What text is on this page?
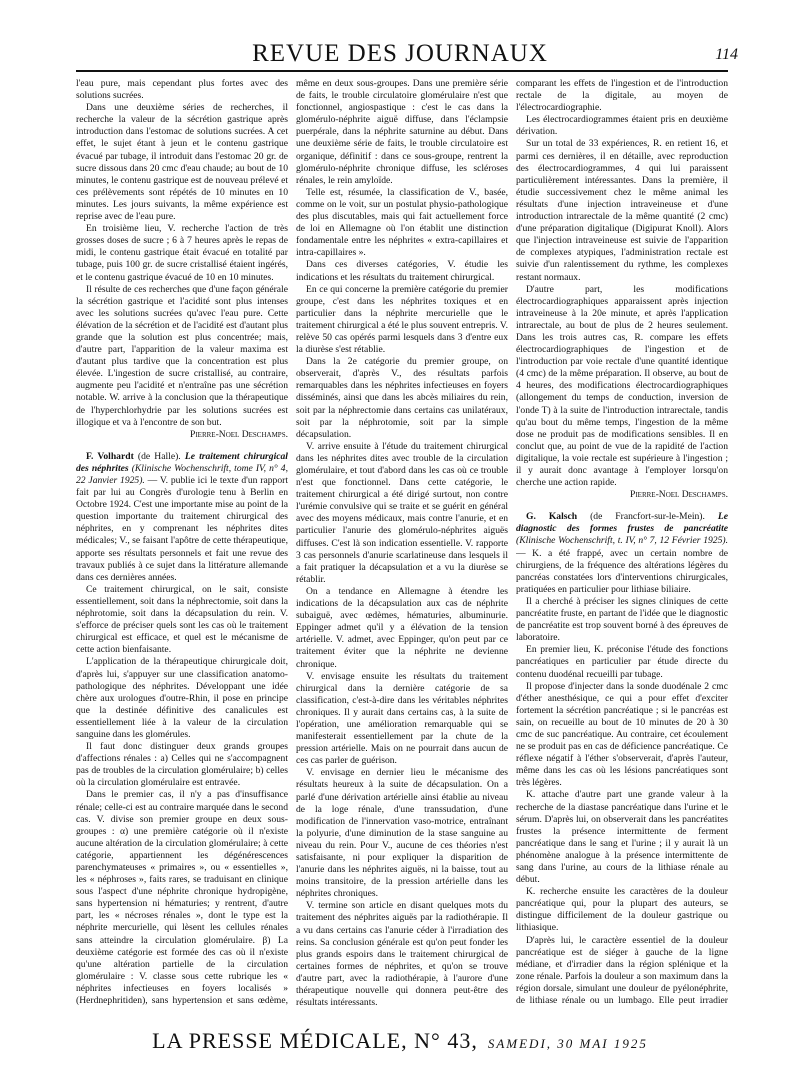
REVUE DES JOURNAUX	114

l'eau pure, mais cependant plus fortes avec des solutions sucrées.

Dans une deuxième séries de recherches, il recherche la valeur de la sécrétion gastrique après introduction dans l'estomac de solutions sucrées. A cet effet, le sujet étant à jeun et le contenu gastrique évacué par tubage, il introduit dans l'estomac 20 gr. de sucre dissous dans 20 cmc d'eau chaude; au bout de 10 minutes, le contenu gastrique est de nouveau prélevé et ces prélèvements sont répétés de 10 minutes en 10 minutes. Les jours suivants, la même expérience est reprise avec de l'eau pure.

En troisième lieu, V. recherche l'action de très grosses doses de sucre ; 6 à 7 heures après le repas de midi, le contenu gastrique était évacué en totalité par tubage, puis 100 gr. de sucre cristallisé étaient ingérés, et le contenu gastrique évacué de 10 en 10 minutes.

Il résulte de ces recherches que d'une façon générale la sécrétion gastrique et l'acidité sont plus intenses avec les solutions sucrées qu'avec l'eau pure. Cette élévation de la sécrétion et de l'acidité est d'autant plus grande que la solution est plus concentrée; mais, d'autre part, l'apparition de la valeur maxima est d'autant plus tardive que la concentration est plus élevée. L'ingestion de sucre cristallisé, au contraire, augmente peu l'acidité et n'entraîne pas une sécrétion notable. W. arrive à la conclusion que la thérapeutique de l'hyperchlorhydrie par les solutions sucrées est illogique et va à l'encontre de son but.

Pierre-Noel Deschamps.

F. Volhardt (de Halle). Le traitement chirurgical des néphrites (Klinische Wochenschrift, tome IV, n° 4, 22 Janvier 1925). — V. publie ici le texte d'un rapport fait par lui au Congrès d'urologie tenu à Berlin en Octobre 1924. C'est une importante mise au point de la question importante du traitement chirurgical des néphrites, en y comprenant les néphrites dites médicales; V., se faisant l'apôtre de cette thérapeutique, apporte ses résultats personnels et fait une revue des travaux publiés à ce sujet dans la littérature allemande dans ces dernières années.

Ce traitement chirurgical, on le sait, consiste essentiellement, soit dans la néphrectomie, soit dans la néphrotomie, soit dans la décapsulation du rein. V. s'efforce de préciser quels sont les cas où le traitement chirurgical est efficace, et quel est le mécanisme de cette action bienfaisante.

L'application de la thérapeutique chirurgicale doit, d'après lui, s'appuyer sur une classification anatomo-pathologique des néphrites. Développant une idée chère aux urologues d'outre-Rhin, il pose en principe que la destinée définitive des canalicules est essentiellement liée à la valeur de la circulation sanguine dans les glomérules.

Il faut donc distinguer deux grands groupes d'affections rénales : a) Celles qui ne s'accompagnent pas de troubles de la circulation glomérulaire; b) celles où la circulation glomérulaire est entravée.

Dans le premier cas, il n'y a pas d'insuffisance rénale; celle-ci est au contraire marquée dans le second cas. V. divise son premier groupe en deux sous-groupes : α) une première catégorie où il n'existe aucune altération de la circulation glomérulaire; à cette catégorie, appartiennent les dégénérescences parenchymateuses « primaires », ou « essentielles », les « néphroses », faits rares, se traduisant en clinique sous l'aspect d'une néphrite chronique hydropigène, sans hypertension ni hématuries; y rentrent, d'autre part, les « nécroses rénales », dont le type est la néphrite mercurielle, qui lèsent les cellules rénales sans atteindre la circulation glomérulaire. β) La deuxième catégorie est formée des cas où il n'existe qu'une altération partielle de la circulation glomérulaire : V. classe sous cette rubrique les « néphrites infectieuses en foyers localisés » (Herdnephritiden), sans hypertension et sans œdème,

même en deux sous-groupes. Dans une première série de faits, le trouble circulatoire glomérulaire n'est que fonctionnel, angiospastique : c'est le cas dans la glomérulo-néphrite aiguë diffuse, dans l'éclampsie puerpérale, dans la néphrite saturnine au début. Dans une deuxième série de faits, le trouble circulatoire est organique, définitif : dans ce sous-groupe, rentrent la glomérulo-néphrite chronique diffuse, les scléroses rénales, le rein amyloïde.

Telle est, résumée, la classification de V., basée, comme on le voit, sur un postulat physio-pathologique des plus discutables, mais qui fait actuellement force de loi en Allemagne où l'on établit une distinction fondamentale entre les néphrites « extra-capillaires et intra-capillaires ».

Dans ces diverses catégories, V. étudie les indications et les résultats du traitement chirurgical.

En ce qui concerne la première catégorie du premier groupe, c'est dans les néphrites toxiques et en particulier dans la néphrite mercurielle que le traitement chirurgical a été le plus souvent entrepris. V. relève 50 cas opérés parmi lesquels dans 3 d'entre eux la diurèse s'est rétablie.

Dans la 2e catégorie du premier groupe, on observerait, d'après V., des résultats parfois remarquables dans les néphrites infectieuses en foyers disséminés, ainsi que dans les abcès miliaires du rein, soit par la néphrectomie dans certains cas unilatéraux, soit par la néphrotomie, soit par la simple décapsulation.

V. arrive ensuite à l'étude du traitement chirurgical dans les néphrites dites avec trouble de la circulation glomérulaire, et tout d'abord dans les cas où ce trouble n'est que fonctionnel. Dans cette catégorie, le traitement chirurgical a été dirigé surtout, non contre l'urémie convulsive qui se traite et se guérit en général avec des moyens médicaux, mais contre l'anurie, et en particulier l'anurie des glomérulo-néphrites aiguës diffuses. C'est là son indication essentielle. V. rapporte 3 cas personnels d'anurie scarlatineuse dans lesquels il a fait pratiquer la décapsulation et a vu la diurèse se rétablir.

On a tendance en Allemagne à étendre les indications de la décapsulation aux cas de néphrite subaiguë, avec œdèmes, hématuries, albuminurie. Eppinger admet qu'il y a élévation de la tension artérielle. V. admet, avec Eppinger, qu'on peut par ce traitement éviter que la néphrite ne devienne chronique.

V. envisage ensuite les résultats du traitement chirurgical dans la dernière catégorie de sa classification, c'est-à-dire dans les véritables néphrites chroniques. Il y aurait dans certains cas, à la suite de l'opération, une amélioration remarquable qui se manifesterait essentiellement par la chute de la pression artérielle. Mais on ne pourrait dans aucun de ces cas parler de guérison.

V. envisage en dernier lieu le mécanisme des résultats heureux à la suite de décapsulation. On a parlé d'une dérivation artérielle ainsi établie au niveau de la loge rénale, d'une transsudation, d'une modification de l'innervation vaso-motrice, entraînant la polyurie, d'une diminution de la stase sanguine au niveau du rein. Pour V., aucune de ces théories n'est satisfaisante, ni pour expliquer la disparition de l'anurie dans les néphrites aiguës, ni la baisse, tout au moins transitoire, de la pression artérielle dans les néphrites chroniques.

V. termine son article en disant quelques mots du traitement des néphrites aiguës par la radiothérapie. Il a vu dans certains cas l'anurie céder à l'irradiation des reins. Sa conclusion générale est qu'on peut fonder les plus grands espoirs dans le traitement chirurgical de certaines formes de néphrites, et qu'on se trouve d'autre part, avec la radiothérapie, à l'aurore d'une thérapeutique nouvelle qui donnera peut-être des résultats intéressants.

comparant les effets de l'ingestion et de l'introduction rectale de la digitale, au moyen de l'électrocardiographie.

Les électrocardiogrammes étaient pris en deuxième dérivation.

Sur un total de 33 expériences, R. en retient 16, et parmi ces dernières, il en détaille, avec reproduction des électrocardiogrammes, 4 qui lui paraissent particulièrement intéressantes. Dans la première, il étudie successivement chez le même animal les résultats d'une injection intraveineuse et d'une introduction intrarectale de la même quantité (2 cmc) d'une préparation digitalique (Digipurat Knoll). Alors que l'injection intraveineuse est suivie de l'apparition de complexes atypiques, l'administration rectale est suivie d'un ralentissement du rythme, les complexes restant normaux.

D'autre part, les modifications électrocardiographiques apparaissent après injection intraveineuse à la 20e minute, et après l'application intrarectale, au bout de plus de 2 heures seulement. Dans les trois autres cas, R. compare les effets électrocardiographiques de l'ingestion et de l'introduction par voie rectale d'une quantité identique (4 cmc) de la même préparation. Il observe, au bout de 4 heures, des modifications électrocardiographiques (allongement du temps de conduction, inversion de l'onde T) à la suite de l'introduction intrarectale, tandis qu'au bout du même temps, l'ingestion de la même dose ne produit pas de modifications sensibles. Il en conclut que, au point de vue de la rapidité de l'action digitalique, la voie rectale est supérieure à l'ingestion ; il y aurait donc avantage à l'employer lorsqu'on cherche une action rapide.

Pierre-Noel Deschamps.

G. Kalsch (de Francfort-sur-le-Mein). Le diagnostic des formes frustes de pancréatite (Klinische Wochenschrift, t. IV, n° 7, 12 Février 1925). — K. a été frappé, avec un certain nombre de chirurgiens, de la fréquence des altérations légères du pancréas constatées lors d'interventions chirurgicales, pratiquées en particulier pour lithiase biliaire.

Il a cherché à préciser les signes cliniques de cette pancréatite fruste, en partant de l'idée que le diagnostic de pancréatite est trop souvent borné à des épreuves de laboratoire.

En premier lieu, K. préconise l'étude des fonctions pancréatiques en particulier par étude directe du contenu duodénal recueilli par tubage.

Il propose d'injecter dans la sonde duodénale 2 cmc d'éther anesthésique, ce qui a pour effet d'exciter fortement la sécrétion pancréatique ; si le pancréas est sain, on recueille au bout de 10 minutes de 20 à 30 cmc de suc pancréatique. Au contraire, cet écoulement ne se produit pas en cas de déficience pancréatique. Ce réflexe négatif à l'éther s'observerait, d'après l'auteur, même dans les cas où les lésions pancréatiques sont très légères.

K. attache d'autre part une grande valeur à la recherche de la diastase pancréatique dans l'urine et le sérum. D'après lui, on observerait dans les pancréatites frustes la présence intermittente de ferment pancréatique dans le sang et l'urine ; il y aurait là un phénomène analogue à la présence intermittente de sang dans l'urine, au cours de la lithiase rénale au début.

K. recherche ensuite les caractères de la douleur pancréatique qui, pour la plupart des auteurs, se distingue difficilement de la douleur gastrique ou lithiasique.

D'après lui, le caractère essentiel de la douleur pancréatique est de siéger à gauche de la ligne médiane, et d'irradier dans la région splénique et la zone rénale. Parfois la douleur a son maximum dans la région dorsale, simulant une douleur de pyélonéphrite, de lithiase rénale ou un lumbago. Elle peut irradier

LA PRESSE MÉDICALE, N° 43, SAMEDI, 30 MAI 1925
